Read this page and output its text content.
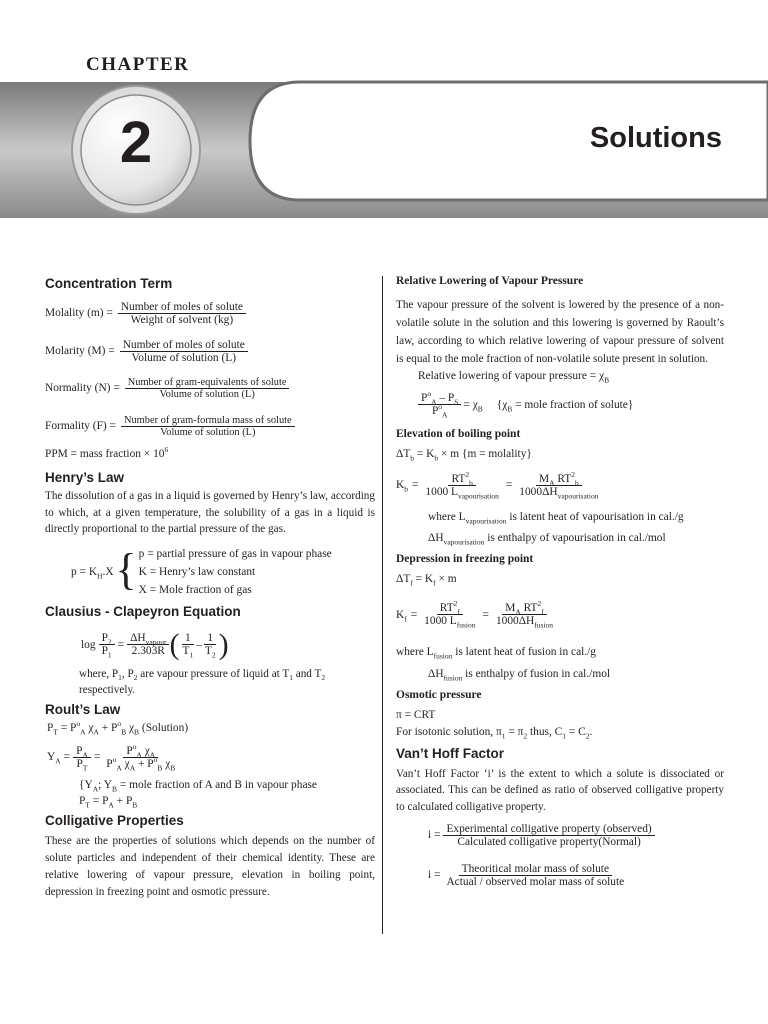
CHAPTER
2	Solutions
Concentration Term
Molality $(m) = \frac{\text{Number of moles of solute}}{\text{Weight of solvent (kg)}}$
Molarity $(M) = \frac{\text{Number of moles of solute}}{\text{Volume of solution (L)}}$
Normality $(N) = \frac{\text{Number of gram-equivalents of solute}}{\text{Volume of solution (L)}}$
Formality $(F) = \frac{\text{Number of gram-formula mass of solute}}{\text{Volume of solution (L)}}$
PPM = mass fraction × $10^6$
Henry’s Law
The dissolution of a gas in a liquid is governed by Henry’s law, according to which, at a given temperature, the solubility of a gas in a liquid is directly proportional to the partial pressure of the gas.
$p = K_H.X$ { p = partial pressure of gas in vapour phase
K = Henry’s law constant
X = Mole fraction of gas
Clausius - Clapeyron Equation
$\log \frac{P_2}{P_1} = \frac{\Delta H_{vapour}}{2.303R}$ ( $\frac{1}{T_1} - \frac{1}{T_2}$ )
where, $P_1$, $P_2$ are vapour pressure of liquid at $T_1$ and $T_2$
respectively.
Roult’s Law
$P_T = P^o_A$ $\chi_A + P^o_B$ $\chi_B$ (Solution)
$Y_A = \frac{P_A}{P_T} = \frac{P^o_A \chi_A}{P^o_A \chi_A + P^o_B \chi_B}$
{$Y_A$; $Y_B$ = mole fraction of A and B in vapour phase
$P_T = P_A + P_B$
Colligative Properties
These are the properties of solutions which depends on the number of solute particles and independent of their chemical identity. These are relative lowering of vapour pressure, elevation in boiling point, depression in freezing point and osmotic pressure.
Relative Lowering of Vapour Pressure
The vapour pressure of the solvent is lowered by the presence of a non-volatile solute in the solution and this lowering is governed by Raoult’s law, according to which relative lowering of vapour pressure of solvent is equal to the mole fraction of non-volatile solute present in solution.
Relative lowering of vapour pressure = $\chi_B$
$\frac{P^o_A - P_S}{P^o_A} = \chi_B$ {$\chi_B$ = mole fraction of solute}
Elevation of boiling point
$\Delta T_b = K_b \times m$ {m = molality}
$K_b = \frac{RT^2_b}{1000 L_{vapourisation}} = \frac{M_A RT^2_b}{1000\Delta H_{vapourisation}}$
where $L_{vapourisation}$ is latent heat of vapourisation in cal./g
$\Delta H_{vapourisation}$ is enthalpy of vapourisation in cal./mol
Depression in freezing point
$\Delta T_f = K_f \times m$
$K_f = \frac{RT^2_f}{1000 L_{fusion}} = \frac{M_A RT^2_f}{1000\Delta H_{fusion}}$
where $L_{fusion}$ is latent heat of fusion in cal./g
$\Delta H_{fusion}$ is enthalpy of fusion in cal./mol
Osmotic pressure
π = CRT
For isotonic solution, $\pi_1 = \pi_2$ thus, $C_1 = C_2$.
Van’t Hoff Factor
Van’t Hoff Factor ‘i’ is the extent to which a solute is dissociated or associated. This can be defined as ratio of observed colligative property to calculated colligative property.
$i = \frac{\text{Experimental colligative property (observed)}}{\text{Calculated colligative property(Normal)}}$
$i = \frac{\text{Theoritical molar mass of solute}}{\text{Actual / observed molar mass of solute}}$
